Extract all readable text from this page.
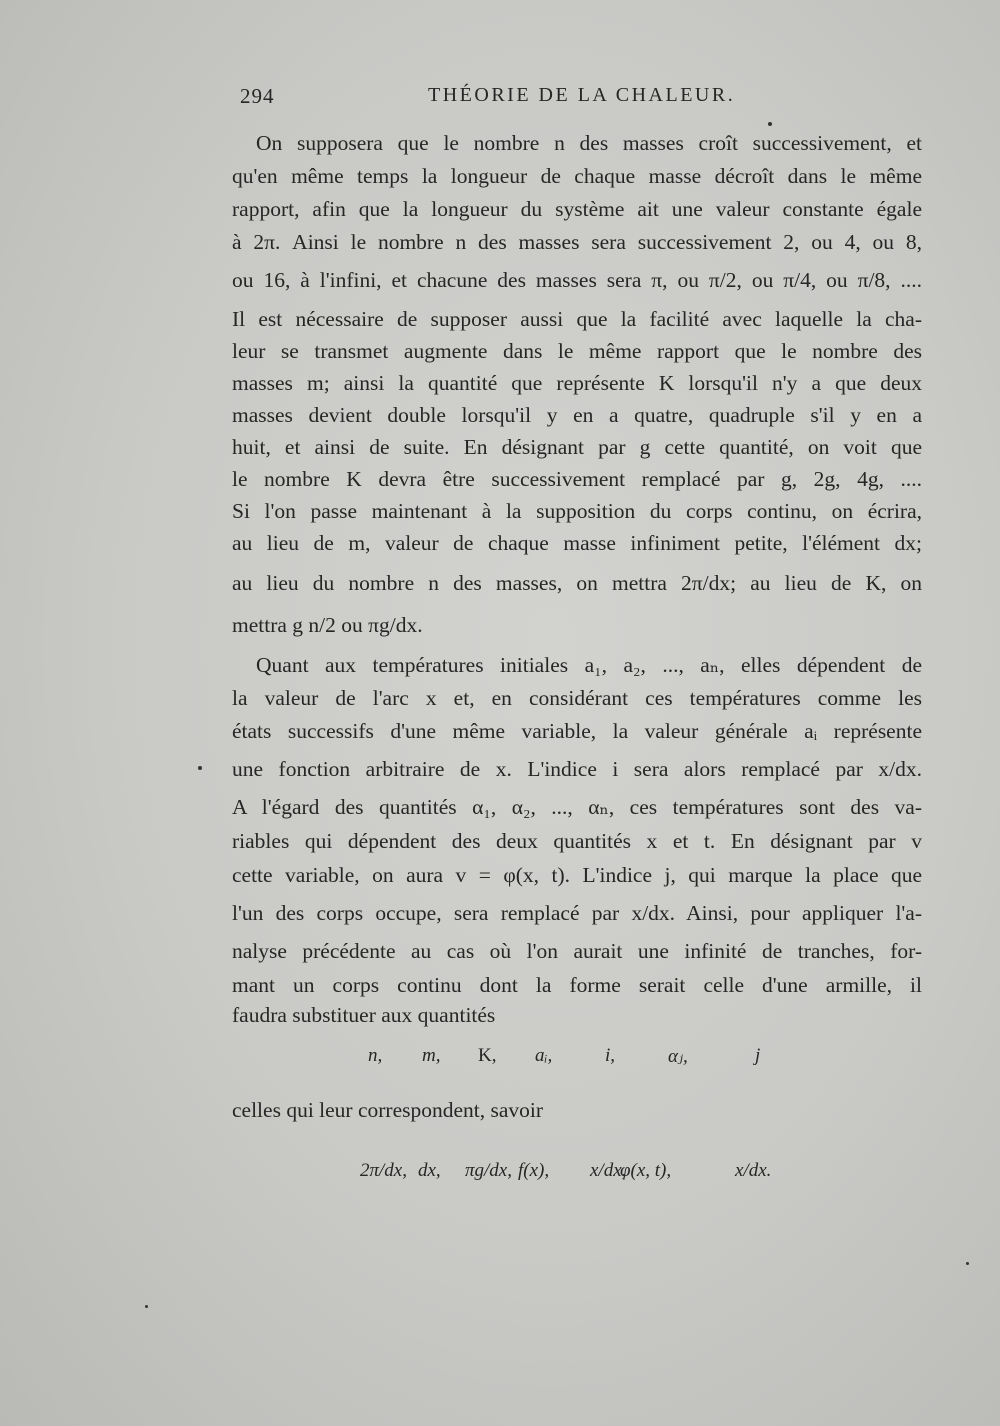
294	THÉORIE DE LA CHALEUR.
On supposera que le nombre n des masses croît successivement, et
qu'en même temps la longueur de chaque masse décroît dans le même
rapport, afin que la longueur du système ait une valeur constante égale
à 2π. Ainsi le nombre n des masses sera successivement 2, ou 4, ou 8,
ou 16, à l'infini, et chacune des masses sera π, ou π/2, ou π/4, ou π/8, ....
Il est nécessaire de supposer aussi que la facilité avec laquelle la cha-
leur se transmet augmente dans le même rapport que le nombre des
masses m; ainsi la quantité que représente K lorsqu'il n'y a que deux
masses devient double lorsqu'il y en a quatre, quadruple s'il y en a
huit, et ainsi de suite. En désignant par g cette quantité, on voit que
le nombre K devra être successivement remplacé par g, 2g, 4g, ....
Si l'on passe maintenant à la supposition du corps continu, on écrira,
au lieu de m, valeur de chaque masse infiniment petite, l'élément dx;
au lieu du nombre n des masses, on mettra 2π/dx; au lieu de K, on
mettra g n/2 ou πg/dx.
Quant aux températures initiales a₁, a₂, ..., aₙ, elles dépendent de
la valeur de l'arc x et, en considérant ces températures comme les
états successifs d'une même variable, la valeur générale aᵢ représente
une fonction arbitraire de x. L'indice i sera alors remplacé par x/dx.
A l'égard des quantités α₁, α₂, ..., αₙ, ces températures sont des va-
riables qui dépendent des deux quantités x et t. En désignant par v
cette variable, on aura v = φ(x, t). L'indice j, qui marque la place que
l'un des corps occupe, sera remplacé par x/dx. Ainsi, pour appliquer l'a-
nalyse précédente au cas où l'on aurait une infinité de tranches, for-
mant un corps continu dont la forme serait celle d'une armille, il
faudra substituer aux quantités
n, m, K, aᵢ,	i,	αⱼ,	j
celles qui leur correspondent, savoir
2π/dx, dx, πg/dx, f(x), x/dx,
φ(x, t),	x/dx.
